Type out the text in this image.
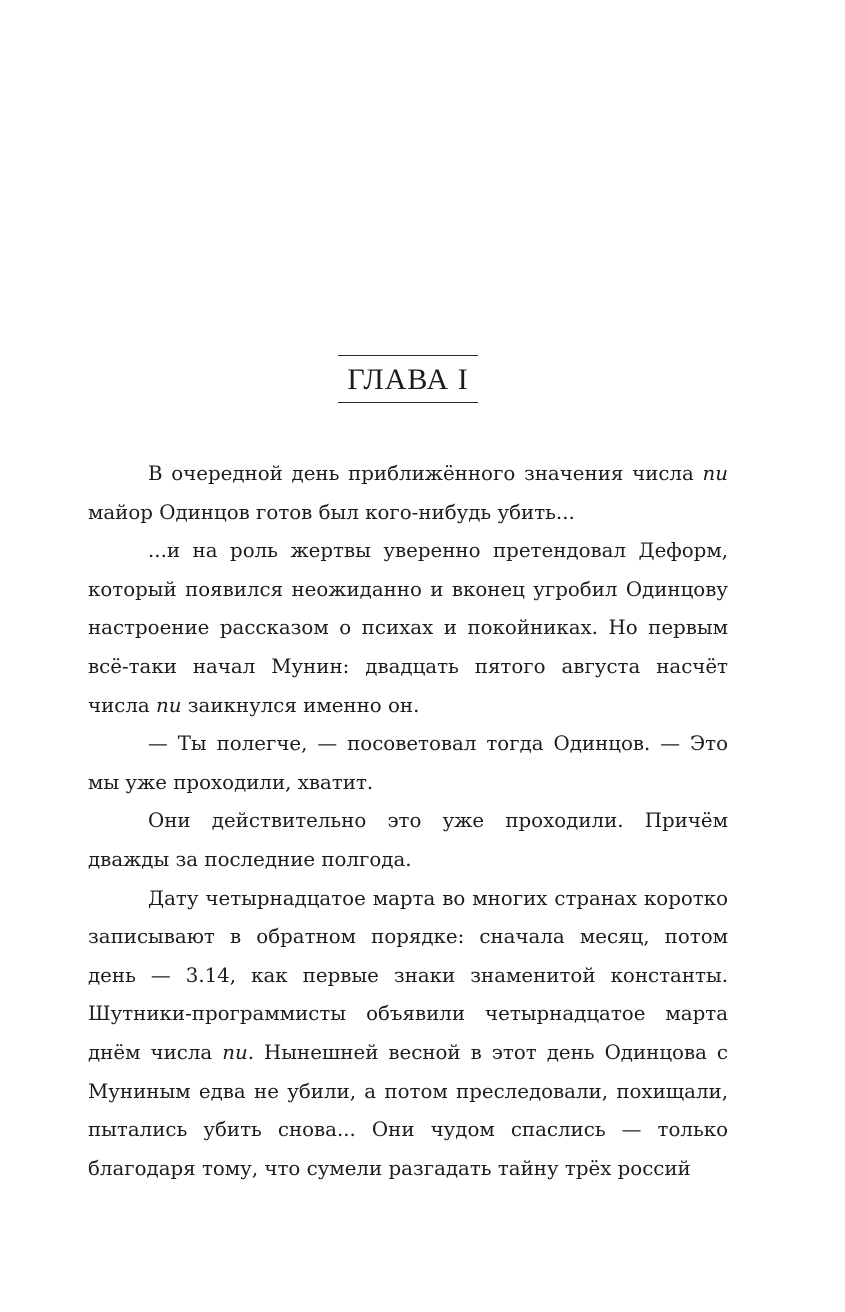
ГЛАВА I

В очередной день приближённого значения числа пи майор Одинцов готов был кого-нибудь убить...

...и на роль жертвы уверенно претендовал Деформ, который появился неожиданно и вконец угробил Одинцову настроение рассказом о психах и покойниках. Но первым всё-таки начал Мунин: двадцать пятого августа насчёт числа пи заикнулся именно он.

— Ты полегче, — посоветовал тогда Одинцов. — Это мы уже проходили, хватит.

Они действительно это уже проходили. Причём дважды за последние полгода.

Дату четырнадцатое марта во многих странах коротко записывают в обратном порядке: сначала месяц, потом день — 3.14, как первые знаки знаменитой константы. Шутники-программисты объявили четырнадцатое марта днём числа пи. Нынешней весной в этот день Одинцова с Муниным едва не убили, а потом преследовали, похищали, пытались убить снова... Они чудом спаслись — только благодаря тому, что сумели разгадать тайну трёх россий
